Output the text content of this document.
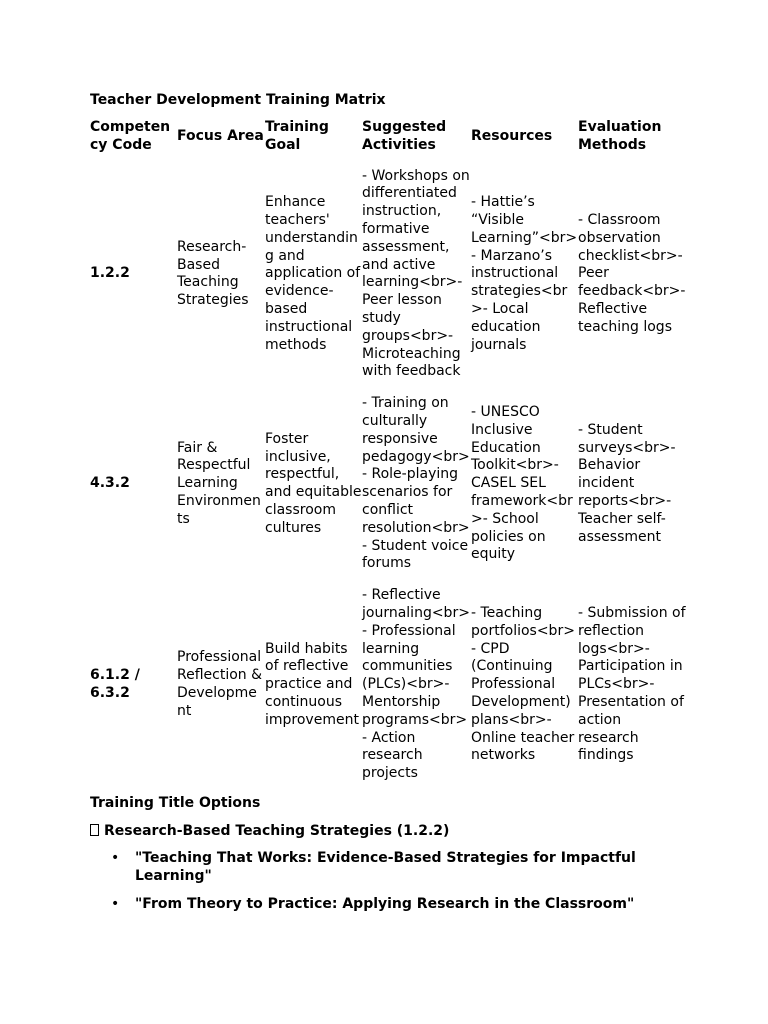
Teacher Development Training Matrix
Competen cy Code	Focus Area	Training Goal	Suggested Activities	Resources	Evaluation Methods
1.2.2	Research-Based Teaching Strategies	Enhance teachers' understanding and application of evidence-based instructional methods	- Workshops on differentiated instruction, formative assessment, and active learning<br>- Peer lesson study groups<br>- Microteaching with feedback	- Hattie’s “Visible Learning”<br>- Marzano’s instructional strategies<br>- Local education journals	- Classroom observation checklist<br>- Peer feedback<br>- Reflective teaching logs
4.3.2	Fair & Respectful Learning Environments	Foster inclusive, respectful, and equitable classroom cultures	- Training on culturally responsive pedagogy<br>- Role-playing scenarios for conflict resolution<br>- Student voice forums	- UNESCO Inclusive Education Toolkit<br>- CASEL SEL framework<br>- School policies on equity	- Student surveys<br>- Behavior incident reports<br>- Teacher self-assessment
6.1.2 / 6.3.2	Professional Reflection & Development	Build habits of reflective practice and continuous improvement	- Reflective journaling<br>- Professional learning communities (PLCs)<br>- Mentorship programs<br>- Action research projects	- Teaching portfolios<br>- CPD (Continuing Professional Development) plans<br>- Online teacher networks	- Submission of reflection logs<br>- Participation in PLCs<br>- Presentation of action research findings
Training Title Options
Research-Based Teaching Strategies (1.2.2)
• "Teaching That Works: Evidence-Based Strategies for Impactful Learning"
• "From Theory to Practice: Applying Research in the Classroom"
